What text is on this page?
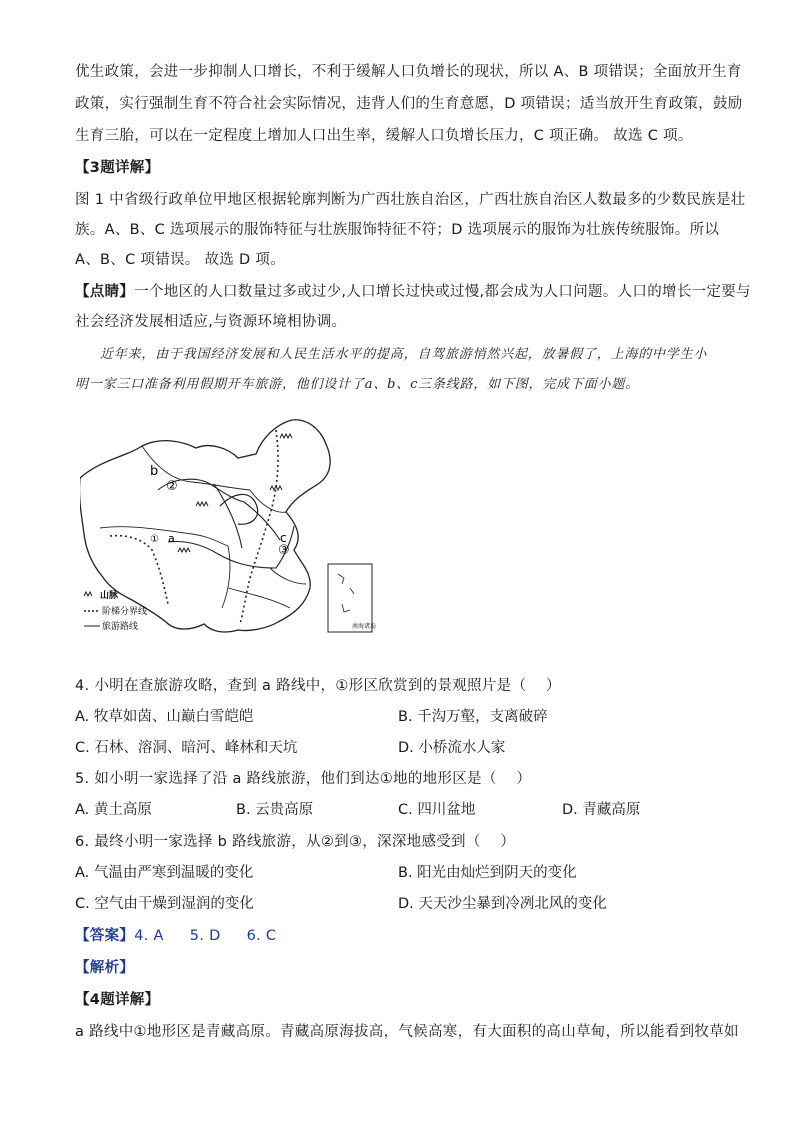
优生政策，会进一步抑制人口增长，不利于缓解人口负增长的现状，所以 A、B 项错误；全面放开生育
政策，实行强制生育不符合社会实际情况，违背人们的生育意愿，D 项错误；适当放开生育政策，鼓励
生育三胎，可以在一定程度上增加人口出生率，缓解人口负增长压力，C 项正确。 故选 C 项。
【3题详解】
图 1 中省级行政单位甲地区根据轮廓判断为广西壮族自治区，广西壮族自治区人数最多的少数民族是壮
族。A、B、C 选项展示的服饰特征与壮族服饰特征不符；D 选项展示的服饰为壮族传统服饰。所以
A、B、C 项错误。 故选 D 项。
【点睛】一个地区的人口数量过多或过少,人口增长过快或过慢,都会成为人口问题。人口的增长一定要与
社会经济发展相适应,与资源环境相协调。
近年来，由于我国经济发展和人民生活水平的提高，自驾旅游悄然兴起，放暑假了，上海的中学生小
明一家三口准备利用假期开车旅游，他们设计了a、b、c三条线路，如下图，完成下面小题。
b
②
① a	c
③
南海诸岛
山脉
阶梯分界线
旅游路线
4. 小明在查旅游攻略，查到 a 路线中，①形区欣赏到的景观照片是（　 ）
A. 牧草如茵、山巅白雪皑皑	B. 千沟万壑，支离破碎
C. 石林、溶洞、暗河、峰林和天坑	D. 小桥流水人家
5. 如小明一家选择了沿 a 路线旅游，他们到达①地的地形区是（　 ）
A. 黄土高原	B. 云贵高原	C. 四川盆地	D. 青藏高原
6. 最终小明一家选择 b 路线旅游，从②到③，深深地感受到（　 ）
A. 气温由严寒到温暖的变化	B. 阳光由灿烂到阴天的变化
C. 空气由干燥到湿润的变化	D. 天天沙尘暴到冷冽北风的变化
【答案】4. A 5. D 6. C
【解析】
【4题详解】
a 路线中①地形区是青藏高原。青藏高原海拔高，气候高寒，有大面积的高山草甸，所以能看到牧草如
